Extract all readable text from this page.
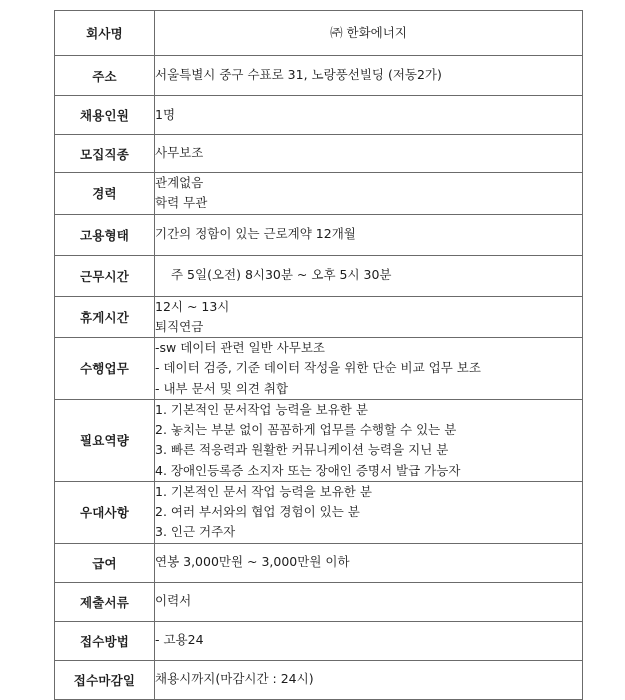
회사명	㈜ 한화에너지

주소	서울특별시 중구 수표로 31, 노랑풍선빌딩 (저동2가)

채용인원	1명

모집직종	사무보조

경력	관계없음
학력 무관

고용형태	기간의 정함이 있는 근로계약 12개월

근무시간	주 5일(오전) 8시30분 ~ 오후 5시 30분

휴게시간	12시 ~ 13시
퇴직연금

수행업무	-sw 데이터 관련 일반 사무보조
- 데이터 검증, 기준 데이터 작성을 위한 단순 비교 업무 보조
- 내부 문서 및 의견 취합

필요역량	1. 기본적인 문서작업 능력을 보유한 분
2. 놓치는 부분 없이 꼼꼼하게 업무를 수행할 수 있는 분
3. 빠른 적응력과 원활한 커뮤니케이션 능력을 지닌 분
4. 장애인등록증 소지자 또는 장애인 증명서 발급 가능자

우대사항	1. 기본적인 문서 작업 능력을 보유한 분
2. 여러 부서와의 협업 경험이 있는 분
3. 인근 거주자

급여	연봉 3,000만원 ~ 3,000만원 이하

제출서류	이력서

접수방법	- 고용24

접수마감일	채용시까지(마감시간 : 24시)
